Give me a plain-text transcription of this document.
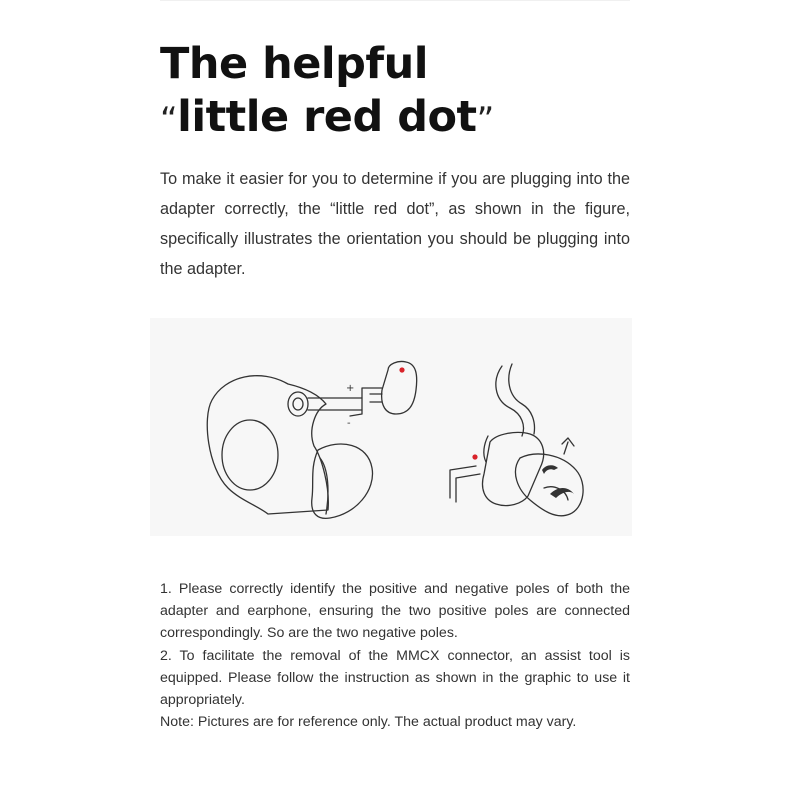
The helpful
“little red dot”

To make it easier for you to determine if you are plugging into the adapter correctly, the “little red dot”, as shown in the figure, specifically illustrates the orientation you should be plugging into the adapter.

+
-

1. Please correctly identify the positive and negative poles of both the adapter and earphone, ensuring the two positive poles are connected correspondingly. So are the two negative poles.

2. To facilitate the removal of the MMCX connector, an assist tool is equipped. Please follow the instruction as shown in the graphic to use it appropriately.

Note: Pictures are for reference only. The actual product may vary.
